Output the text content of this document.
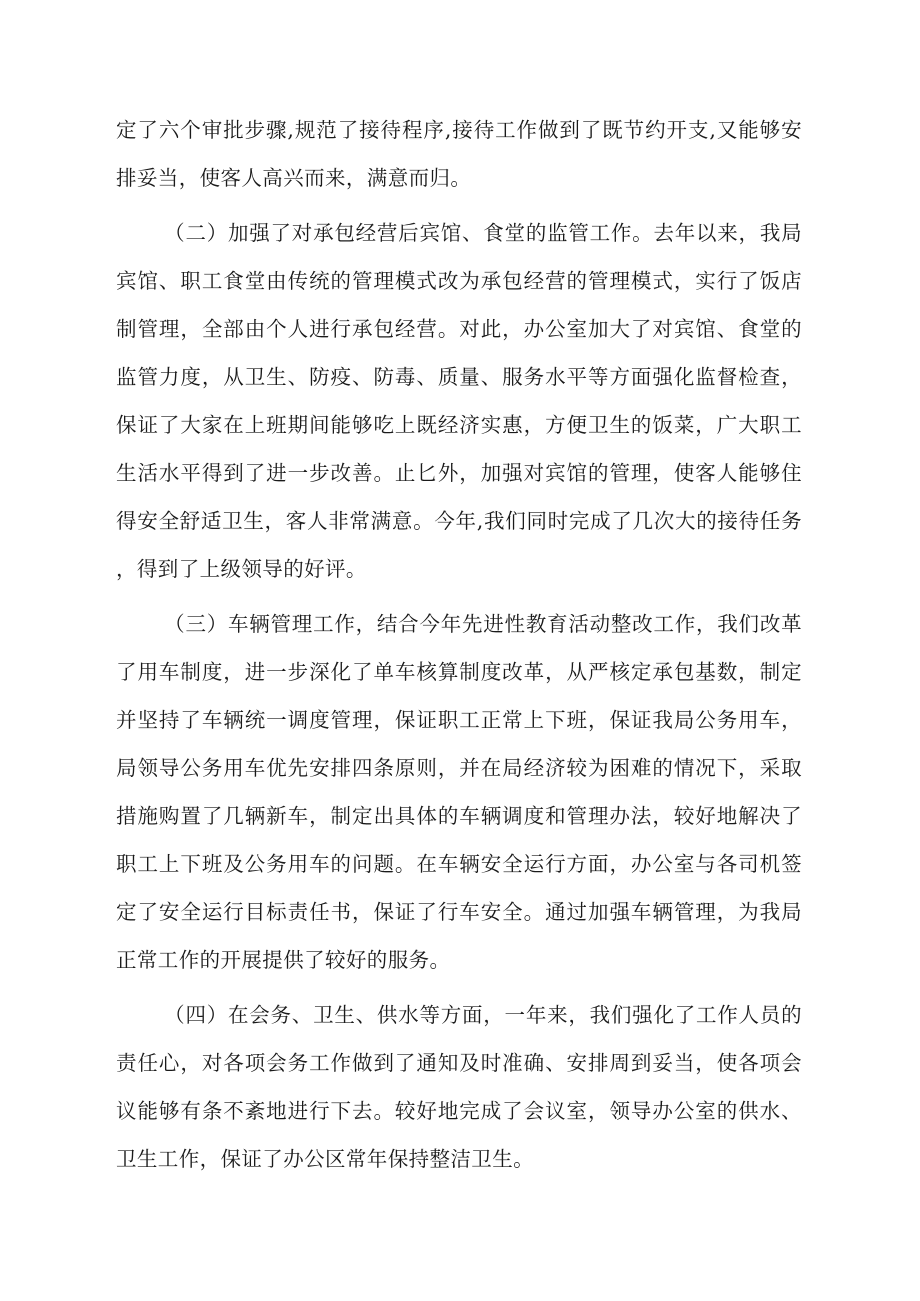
定了六个审批步骤,规范了接待程序,接待工作做到了既节约开支,又能够安排妥当，使客人高兴而来，满意而归。

（二）加强了对承包经营后宾馆、食堂的监管工作。去年以来，我局宾馆、职工食堂由传统的管理模式改为承包经营的管理模式，实行了饭店制管理，全部由个人进行承包经营。对此，办公室加大了对宾馆、食堂的监管力度，从卫生、防疫、防毒、质量、服务水平等方面强化监督检查，保证了大家在上班期间能够吃上既经济实惠，方便卫生的饭菜，广大职工生活水平得到了进一步改善。止匕外，加强对宾馆的管理，使客人能够住得安全舒适卫生，客人非常满意。今年,我们同时完成了几次大的接待任务，得到了上级领导的好评。

（三）车辆管理工作，结合今年先进性教育活动整改工作，我们改革了用车制度，进一步深化了单车核算制度改革，从严核定承包基数，制定并坚持了车辆统一调度管理，保证职工正常上下班，保证我局公务用车，局领导公务用车优先安排四条原则，并在局经济较为困难的情况下，采取措施购置了几辆新车，制定出具体的车辆调度和管理办法，较好地解决了职工上下班及公务用车的问题。在车辆安全运行方面，办公室与各司机签定了安全运行目标责任书，保证了行车安全。通过加强车辆管理，为我局正常工作的开展提供了较好的服务。

（四）在会务、卫生、供水等方面，一年来，我们强化了工作人员的责任心，对各项会务工作做到了通知及时准确、安排周到妥当，使各项会议能够有条不紊地进行下去。较好地完成了会议室，领导办公室的供水、卫生工作，保证了办公区常年保持整洁卫生。
